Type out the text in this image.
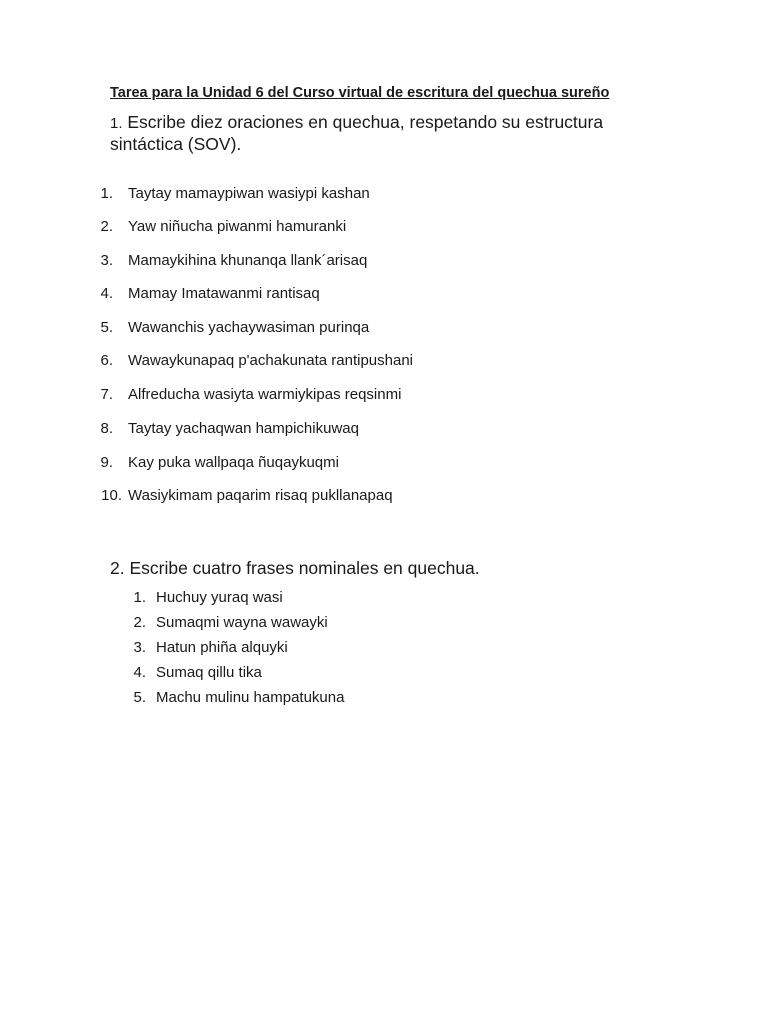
Tarea para la Unidad 6 del Curso virtual de escritura del quechua sureño
1. Escribe diez oraciones en quechua, respetando su estructura sintáctica (SOV).
1. Taytay mamaypiwan wasiypi kashan
2. Yaw niñucha piwanmi hamuranki
3. Mamaykihina khunanqa llank´arisaq
4. Mamay Imatawanmi rantisaq
5. Wawanchis yachaywasiman purinqa
6. Wawaykunapaq p'achakunata rantipushani
7. Alfreducha wasiyta warmiykipas reqsinmi
8. Taytay yachaqwan hampichikuwaq
9. Kay puka wallpaqa ñuqaykuqmi
10. Wasiykimam paqarim risaq pukllanapaq
2. Escribe cuatro frases nominales en quechua.
1. Huchuy yuraq wasi
2. Sumaqmi wayna wawayki
3. Hatun phiña alquyki
4. Sumaq qillu tika
5. Machu mulinu hampatukuna
